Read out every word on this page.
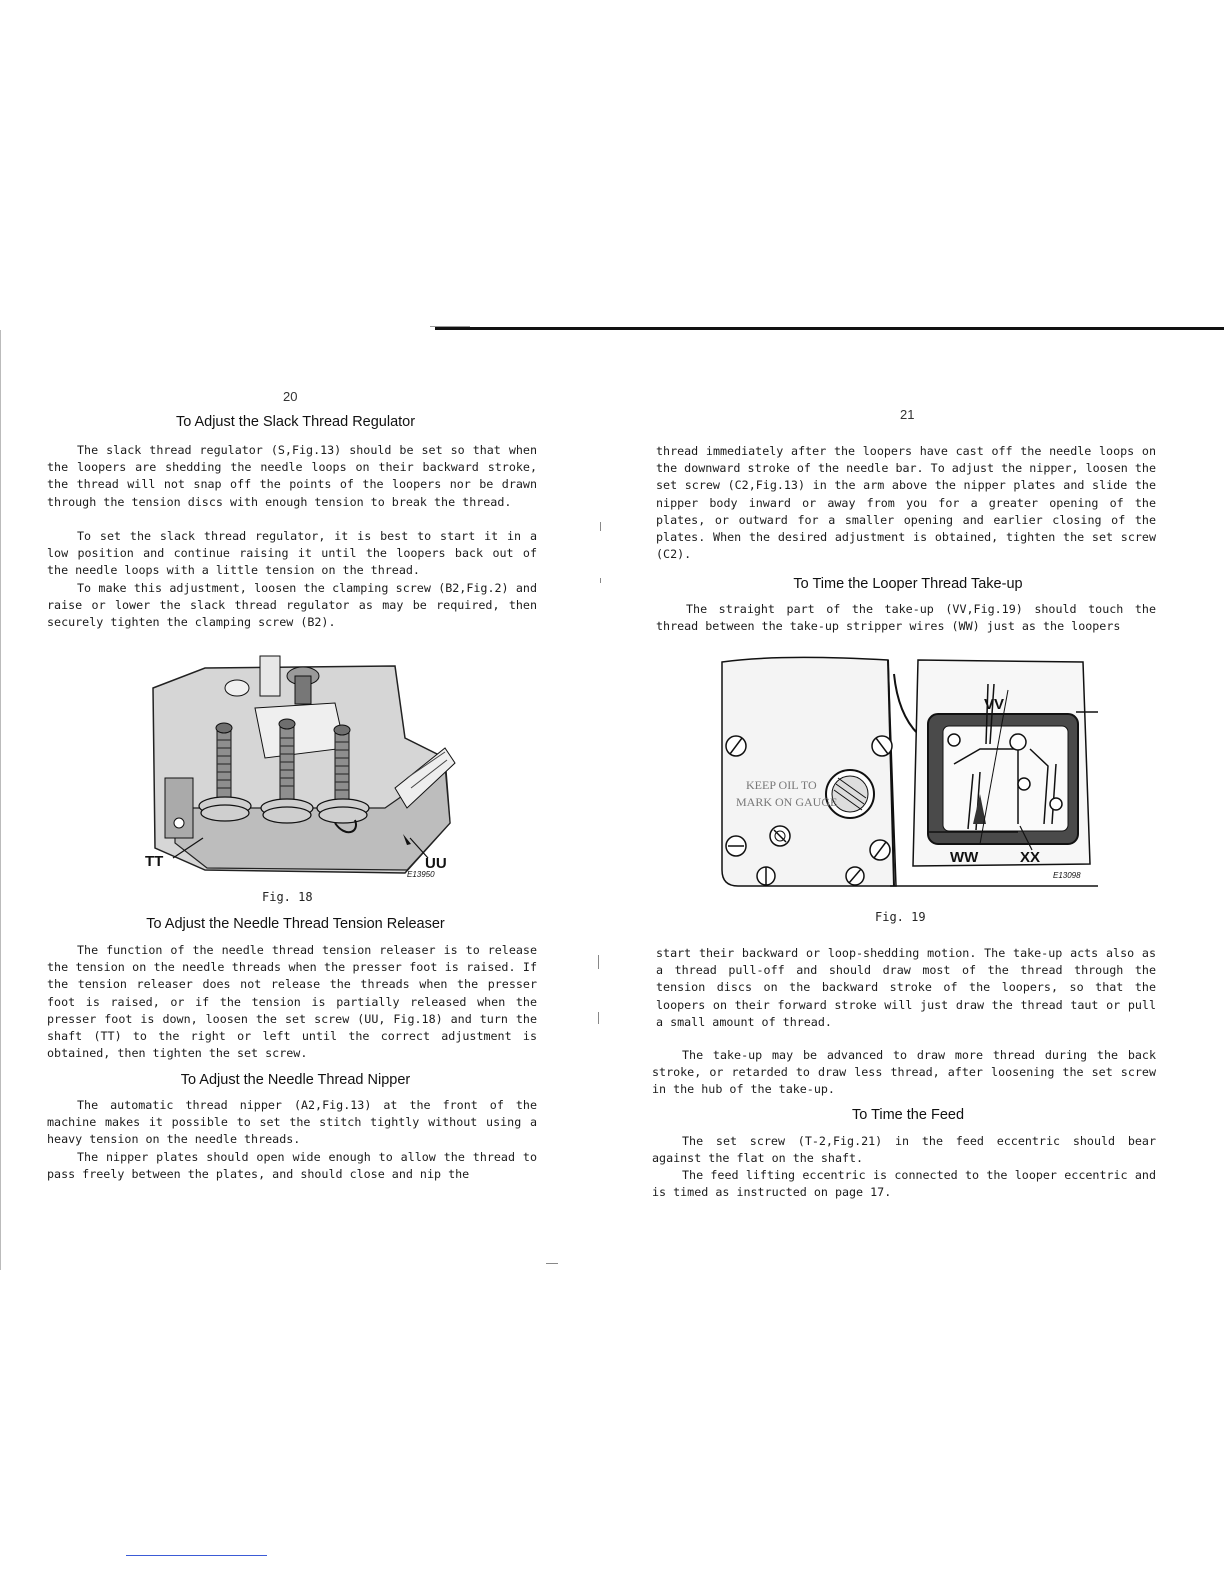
20
To Adjust the Slack Thread Regulator

The slack thread regulator (S,Fig.13) should be set so that when the loopers are shedding the needle loops on their backward stroke, the thread will not snap off the points of the loopers nor be drawn through the tension discs with enough tension to break the thread.

To set the slack thread regulator, it is best to start it in a low position and continue raising it until the loopers back out of the needle loops with a little tension on the thread.

To make this adjustment, loosen the clamping screw (B2,Fig.2) and raise or lower the slack thread regulator as may be required, then securely tighten the clamping screw (B2).

TT	UU
E13950
Fig. 18
To Adjust the Needle Thread Tension Releaser

The function of the needle thread tension releaser is to release the tension on the needle threads when the presser foot is raised. If the tension releaser does not release the threads when the presser foot is raised, or if the tension is partially released when the presser foot is down, loosen the set screw (UU, Fig.18) and turn the shaft (TT) to the right or left until the correct adjustment is obtained, then tighten the set screw.

To Adjust the Needle Thread Nipper

The automatic thread nipper (A2,Fig.13) at the front of the machine makes it possible to set the stitch tightly without using a heavy tension on the needle threads.

The nipper plates should open wide enough to allow the thread to pass freely between the plates, and should close and nip the

21

thread immediately after the loopers have cast off the needle loops on the downward stroke of the needle bar. To adjust the nipper, loosen the set screw (C2,Fig.13) in the arm above the nipper plates and slide the nipper body inward or away from you for a greater opening of the plates, or outward for a smaller opening and earlier closing of the plates. When the desired adjustment is obtained, tighten the set screw (C2).

To Time the Looper Thread Take-up

The straight part of the take-up (VV,Fig.19) should touch the thread between the take-up stripper wires (WW) just as the loopers

KEEP OIL TO
MARK ON GAUGE
VV
WW	XX
E13098
Fig. 19

start their backward or loop-shedding motion. The take-up acts also as a thread pull-off and should draw most of the thread through the tension discs on the backward stroke of the loopers, so that the loopers on their forward stroke will just draw the thread taut or pull a small amount of thread.

The take-up may be advanced to draw more thread during the back stroke, or retarded to draw less thread, after loosening the set screw in the hub of the take-up.

To Time the Feed

The set screw (T-2,Fig.21) in the feed eccentric should bear against the flat on the shaft.

The feed lifting eccentric is connected to the looper eccentric and is timed as instructed on page 17.
